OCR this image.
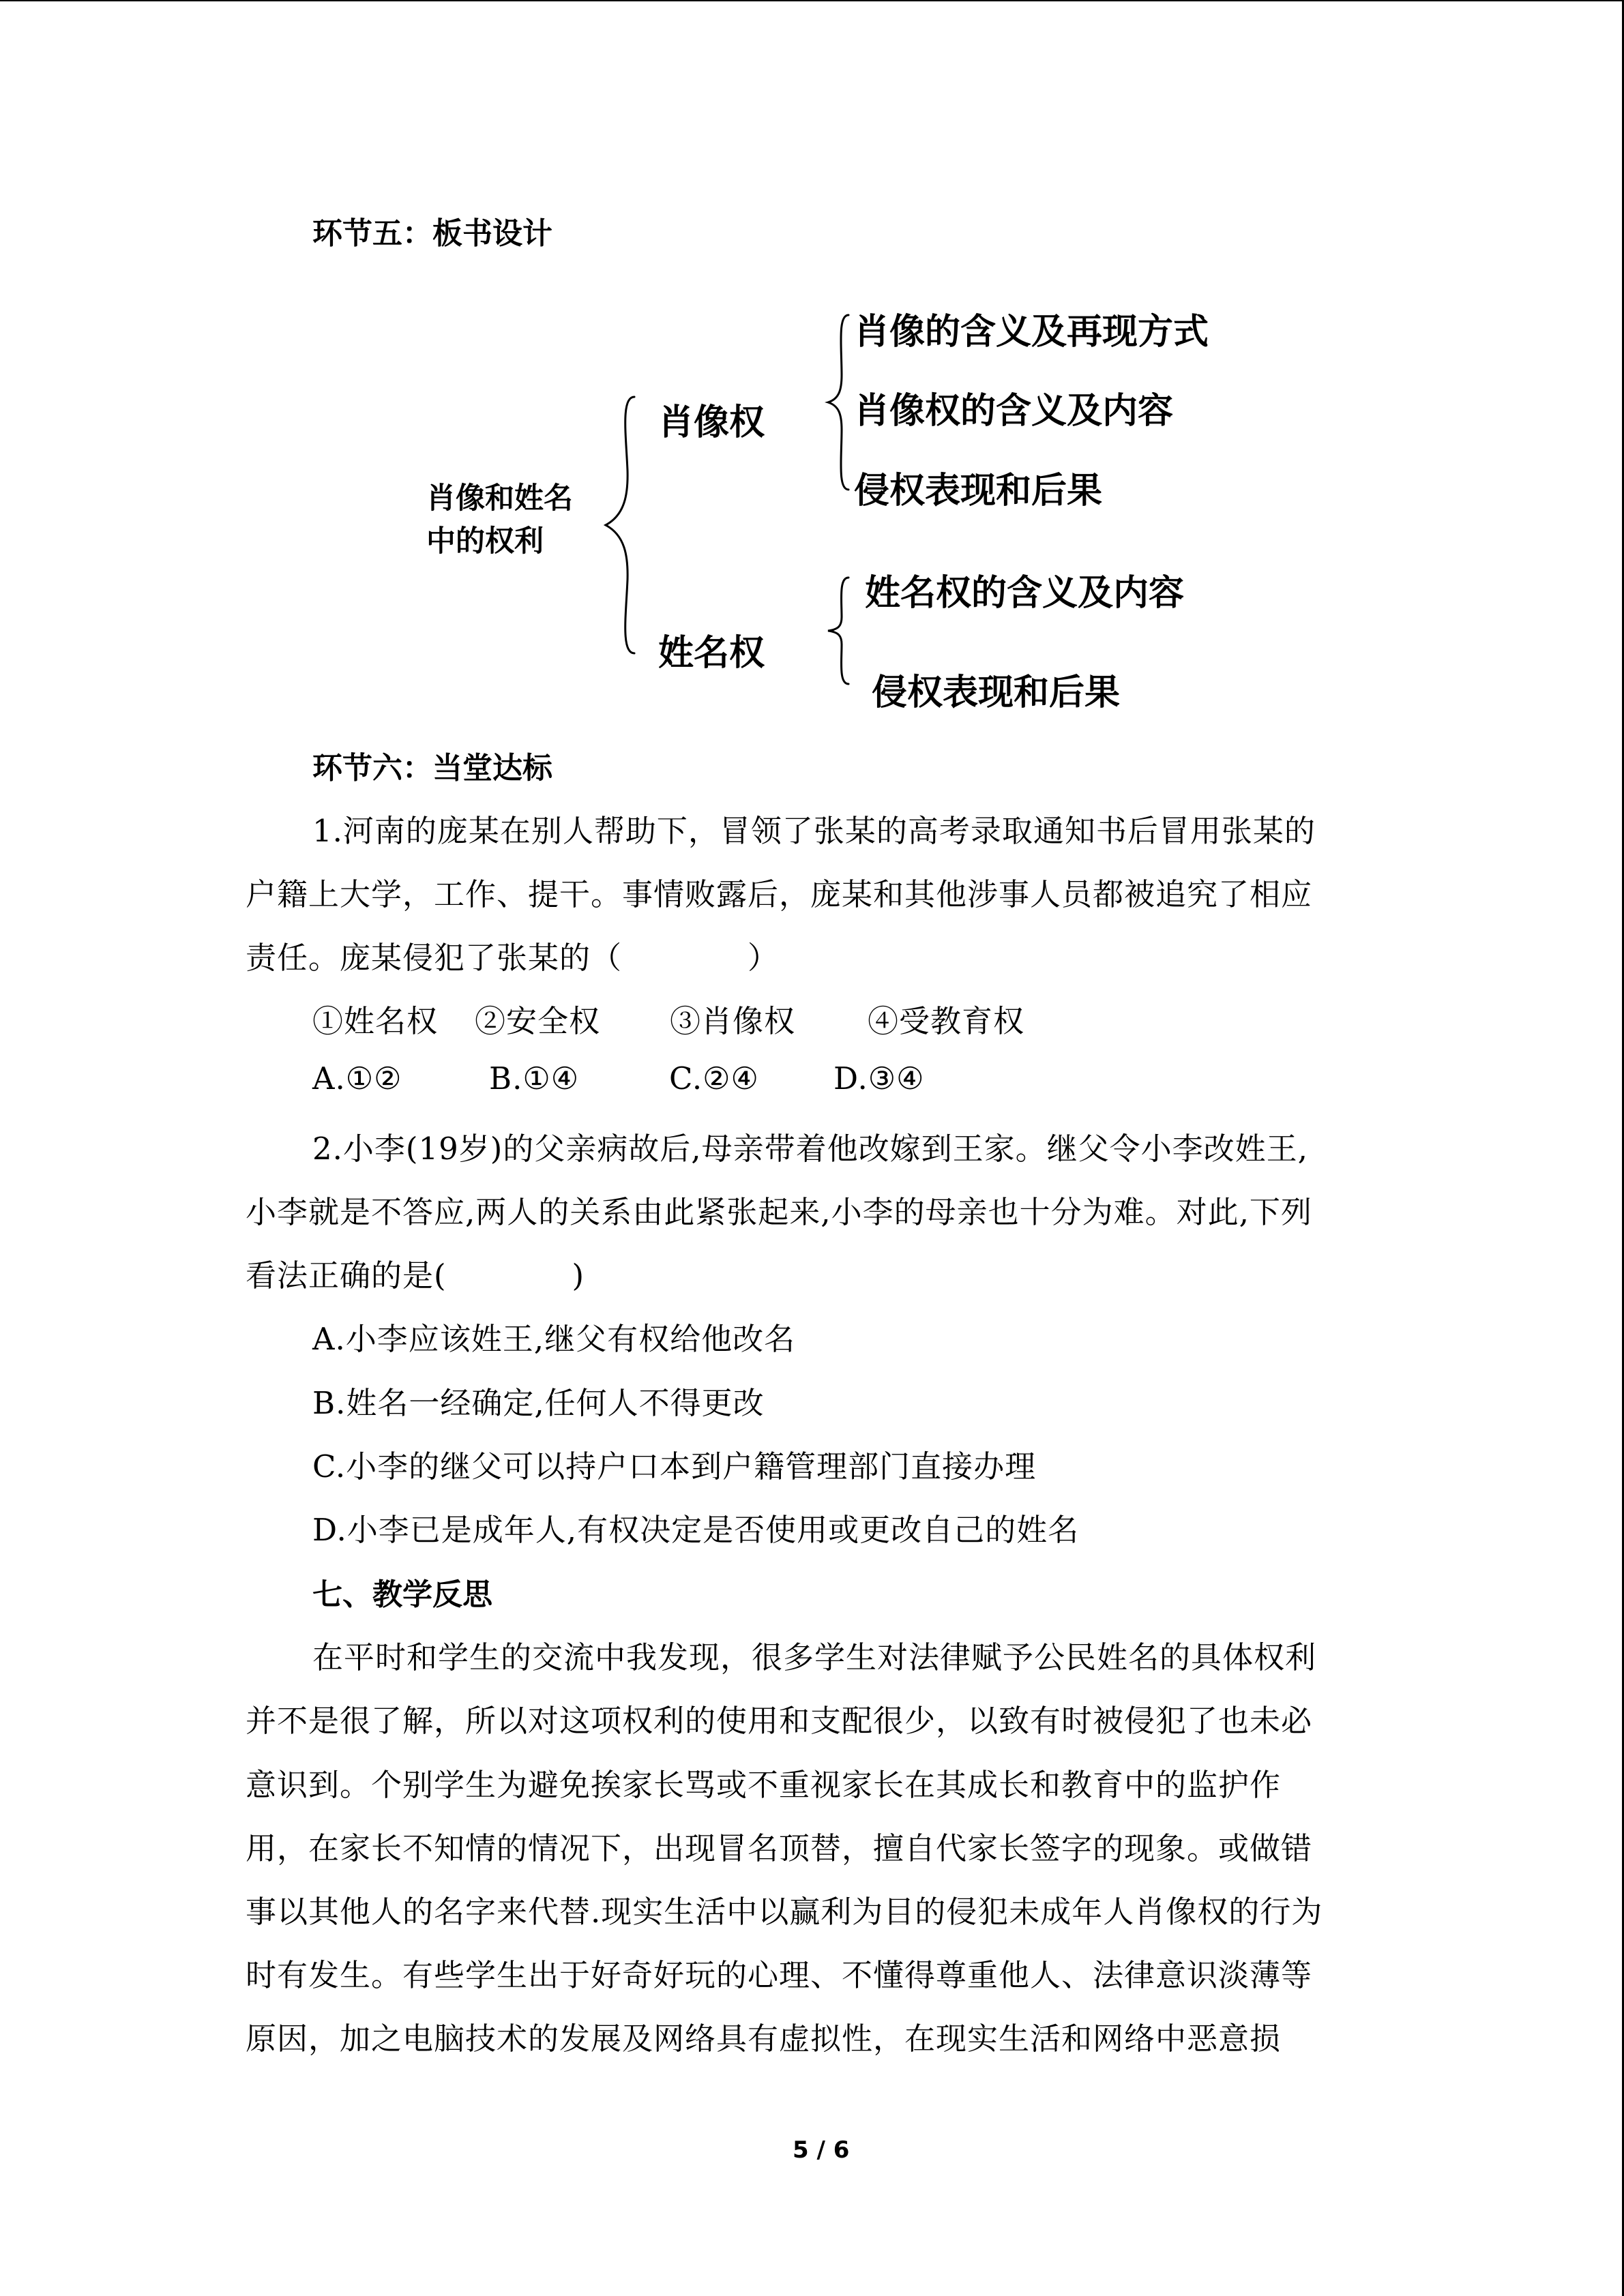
环节五：板书设计
肖像和姓名
中的权利
肖像权
姓名权
肖像的含义及再现方式
肖像权的含义及内容
侵权表现和后果
姓名权的含义及内容
侵权表现和后果
环节六：当堂达标
1.河南的庞某在别人帮助下，冒领了张某的高考录取通知书后冒用张某的
户籍上大学，工作、提干。事情败露后，庞某和其他涉事人员都被追究了相应
责任。庞某侵犯了张某的（　　　　）
①姓名权 ②安全权 ③肖像权 ④受教育权
A.①②	B.①④	C.②④ D.③④
2.小李(19岁)的父亲病故后,母亲带着他改嫁到王家。继父令小李改姓王,
小李就是不答应,两人的关系由此紧张起来,小李的母亲也十分为难。对此,下列
看法正确的是(　　　　)
A.小李应该姓王,继父有权给他改名
B.姓名一经确定,任何人不得更改
C.小李的继父可以持户口本到户籍管理部门直接办理
D.小李已是成年人,有权决定是否使用或更改自己的姓名
七、教学反思
在平时和学生的交流中我发现，很多学生对法律赋予公民姓名的具体权利
并不是很了解，所以对这项权利的使用和支配很少，以致有时被侵犯了也未必
意识到。个别学生为避免挨家长骂或不重视家长在其成长和教育中的监护作
用，在家长不知情的情况下，出现冒名顶替，擅自代家长签字的现象。或做错
事以其他人的名字来代替.现实生活中以赢利为目的侵犯未成年人肖像权的行为
时有发生。有些学生出于好奇好玩的心理、不懂得尊重他人、法律意识淡薄等
原因，加之电脑技术的发展及网络具有虚拟性，在现实生活和网络中恶意损
5 / 6
